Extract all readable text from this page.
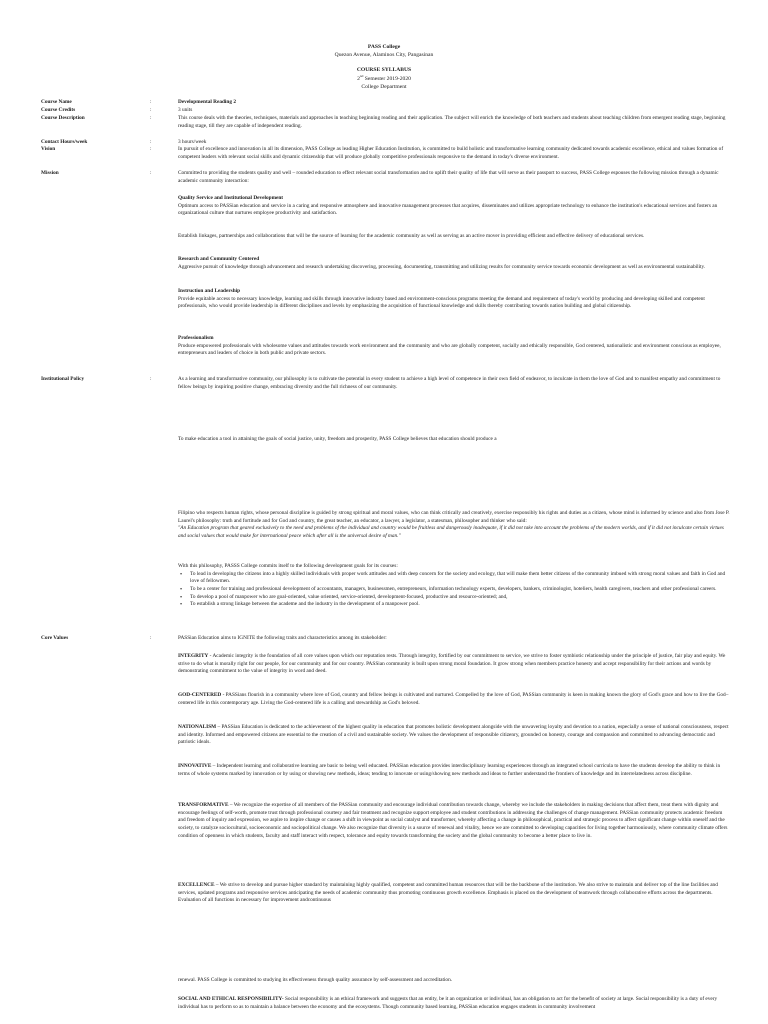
PASS College
Quezon Avenue, Alaminos City, Pangasinan
COURSE SYLLABUS
2nd Semester 2019-2020
College Department
Course Name	:	Developmental Reading 2
Course Credits	:	3 units
Course Description	:	This course deals with the theories, techniques, materials and approaches in teaching beginning reading and their application. The subject will enrich the knowledge of both teachers and students about teaching children from emergent reading stage, beginning reading stage, till they are capable of independent reading.
Contact Hours/week	:	3 hours/week
Vision	:	In pursuit of excellence and innovation in all its dimension, PASS College as leading Higher Education Institution, is committed to build holistic and transformative learning community dedicated towards academic excellence, ethical and values formation of competent leaders with relevant social skills and dynamic citizenship that will produce globally competitive professionals responsive to the demand in today's diverse environment.
Mission	:	Committed to providing the students quality and well – rounded education to effect relevant social transformation and to uplift their quality of life that will serve as their passport to success, PASS College espouses the following mission through a dynamic academic community interaction:

Quality Service and Institutional Development

Optimum access to PASSian education and service in a caring and responsive atmosphere and innovative management processes that acquires, disseminates and utilizes appropriate technology to enhance the institution's educational services and fosters an organizational culture that nurtures employee productivity and satisfaction.

Establish linkages, partnerships and collaborations that will be the source of learning for the academic community as well as serving as an active mover in providing efficient and effective delivery of educational services.

Research and Community Centered

Aggressive pursuit of knowledge through advancement and research undertaking discovering, processing, documenting, transmitting and utilizing results for community service towards economic development as well as environmental sustainability.

Instruction and Leadership

Provide equitable access to necessary knowledge, learning and skills through innovative industry based and environment-conscious programs meeting the demand and requirement of today's world by producing and developing skilled and competent professionals, who would provide leadership in different disciplines and levels by emphasizing the acquisition of functional knowledge and skills thereby contributing towards nation building and global citizenship.

Professionalism

Produce empowered professionals with wholesome values and attitudes towards work environment and the community and who are globally competent, socially and ethically responsible, God centered, nationalistic and environment conscious as employee, entrepreneurs and leaders of choice in both public and private sectors.

Institutional Policy	:	As a learning and transformative community, our philosophy is to cultivate the potential in every student to achieve a high level of competence in their own field of endeavor, to inculcate in them the love of God and to manifest empathy and commitment to fellow beings by inspiring positive change, embracing diversity and the full richness of our community.
To make education a tool in attaining the goals of social justice, unity, freedom and prosperity, PASS College believes that education should produce a

Filipino who respects human rights, whose personal discipline is guided by strong spiritual and moral values, who can think critically and creatively, exercise responsibly his rights and duties as a citizen, whose mind is informed by science and also from Jose P. Laurel's philosophy: truth and fortitude and for God and country, the great teacher, an educator, a lawyer, a legislator, a statesman, philosopher and thinker who said:

"An Education program that geared exclusively to the need and problems of the individual and country would be fruitless and dangerously inadequate, if it did not take into account the problems of the modern worlds, and if it did not inculcate certain virtues and social values that would make for international peace which after all is the universal desire of man."

With this philosophy, PASSS College commits itself to the following development goals for its courses:

• To lead in developing the citizens into a highly skilled individuals with proper work attitudes and with deep concern for the society and ecology, that will make them better citizens of the community imbued with strong moral values and faith in God and love of fellowmen.
• To be a center for training and professional development of accountants, managers, businessmen, entrepreneurs, information technology experts, developers, bankers, criminologist, hoteliers, health caregivers, teachers and other professional careers.
• To develop a pool of manpower who are goal-oriented, value oriented, service-oriented, development-focused, productive and resource-oriented; and,
• To establish a strong linkage between the academe and the industry in the development of a manpower pool.
Core Values	:	PASSian Education aims to IGNITE the following traits and characteristics among its stakeholder:
INTEGRITY - Academic integrity is the foundation of all core values upon which our reputation rests. Through integrity, fortified by our commitment to service, we strive to foster symbiotic relationship under the principle of justice, fair play and equity. We strive to do what is morally right for our people, for our community and for our country. PASSian community is built upon strong moral foundation. It grow strong when members practice honesty and accept responsibility for their actions and words by demonstrating commitment to the value of integrity in word and deed.
GOD-CENTERED - PASSians flourish in a community where love of God, country and fellow beings is cultivated and nurtured. Compelled by the love of God, PASSian community is keen in making known the glory of God's grace and how to live the God–centered life in this contemporary age. Living the God-centered life is a calling and stewardship as God's beloved.
NATIONALISM – PASSian Education is dedicated to the achievement of the highest quality in education that promotes holistic development alongside with the unwavering loyalty and devotion to a nation, especially a sense of national consciousness, respect and identity. Informed and empowered citizens are essential to the creation of a civil and sustainable society. We values the development of responsible citizenry, grounded on honesty, courage and compassion and committed to advancing democratic and patriotic ideals.
INNOVATIVE – Independent learning and collaborative learning are basic to being well educated. PASSian education provides interdisciplinary learning experiences through an integrated school curricula to have the students develop the ability to think in terms of whole systems marked by innovation or by using or showing new methods, ideas; tending to innovate or using/showing new methods and ideas to further understand the frontiers of knowledge and its interrelatedness across discipline.
TRANSFORMATIVE – We recognize the expertise of all members of the PASSian community and encourage individual contribution towards change, whereby we include the stakeholders in making decisions that affect them, treat them with dignity and encourage feelings of self-worth, promote trust through professional courtesy and fair treatment and recognize support employee and student contributions in addressing the challenges of change management. PASSian community protects academic freedom and freedom of inquiry and expression, we aspire to inspire change or causes a shift in viewpoint as social catalyst and transformer, whereby affecting a change in philosophical, practical and strategic process to affect significant change within oneself and the society, to catalyze sociocultural, socioeconomic and sociopolitical change. We also recognize that diversity is a source of renewal and vitality, hence we are committed to developing capacities for living together harmoniously, where community climate offers condition of openness in which students, faculty and staff interact with respect, tolerance and equity towards transforming the society and the global community to become a better place to live in.
EXCELLENCE – We strive to develop and pursue higher standard by maintaining highly qualified, competent and committed human resources that will be the backbone of the institution. We also strive to maintain and deliver top of the line facilities and services, updated programs and responsive services anticipating the needs of academic community thus promoting continuous growth excellence. Emphasis is placed on the development of teamwork through collaborative efforts across the departments. Evaluation of all functions in necessary for improvement andcontinuous
renewal. PASS College is committed to studying its effectiveness through quality assurance by self-assessment and accreditation.
SOCIAL AND ETHICAL RESPONSIBILITY- Social responsibility is an ethical framework and suggests that an entity, be it an organization or individual, has an obligation to act for the benefit of society at large. Social responsibility is a duty of every individual has to perform so as to maintain a balance between the economy and the ecosystems. Though community based learning, PASSian education engages students in community involvement
